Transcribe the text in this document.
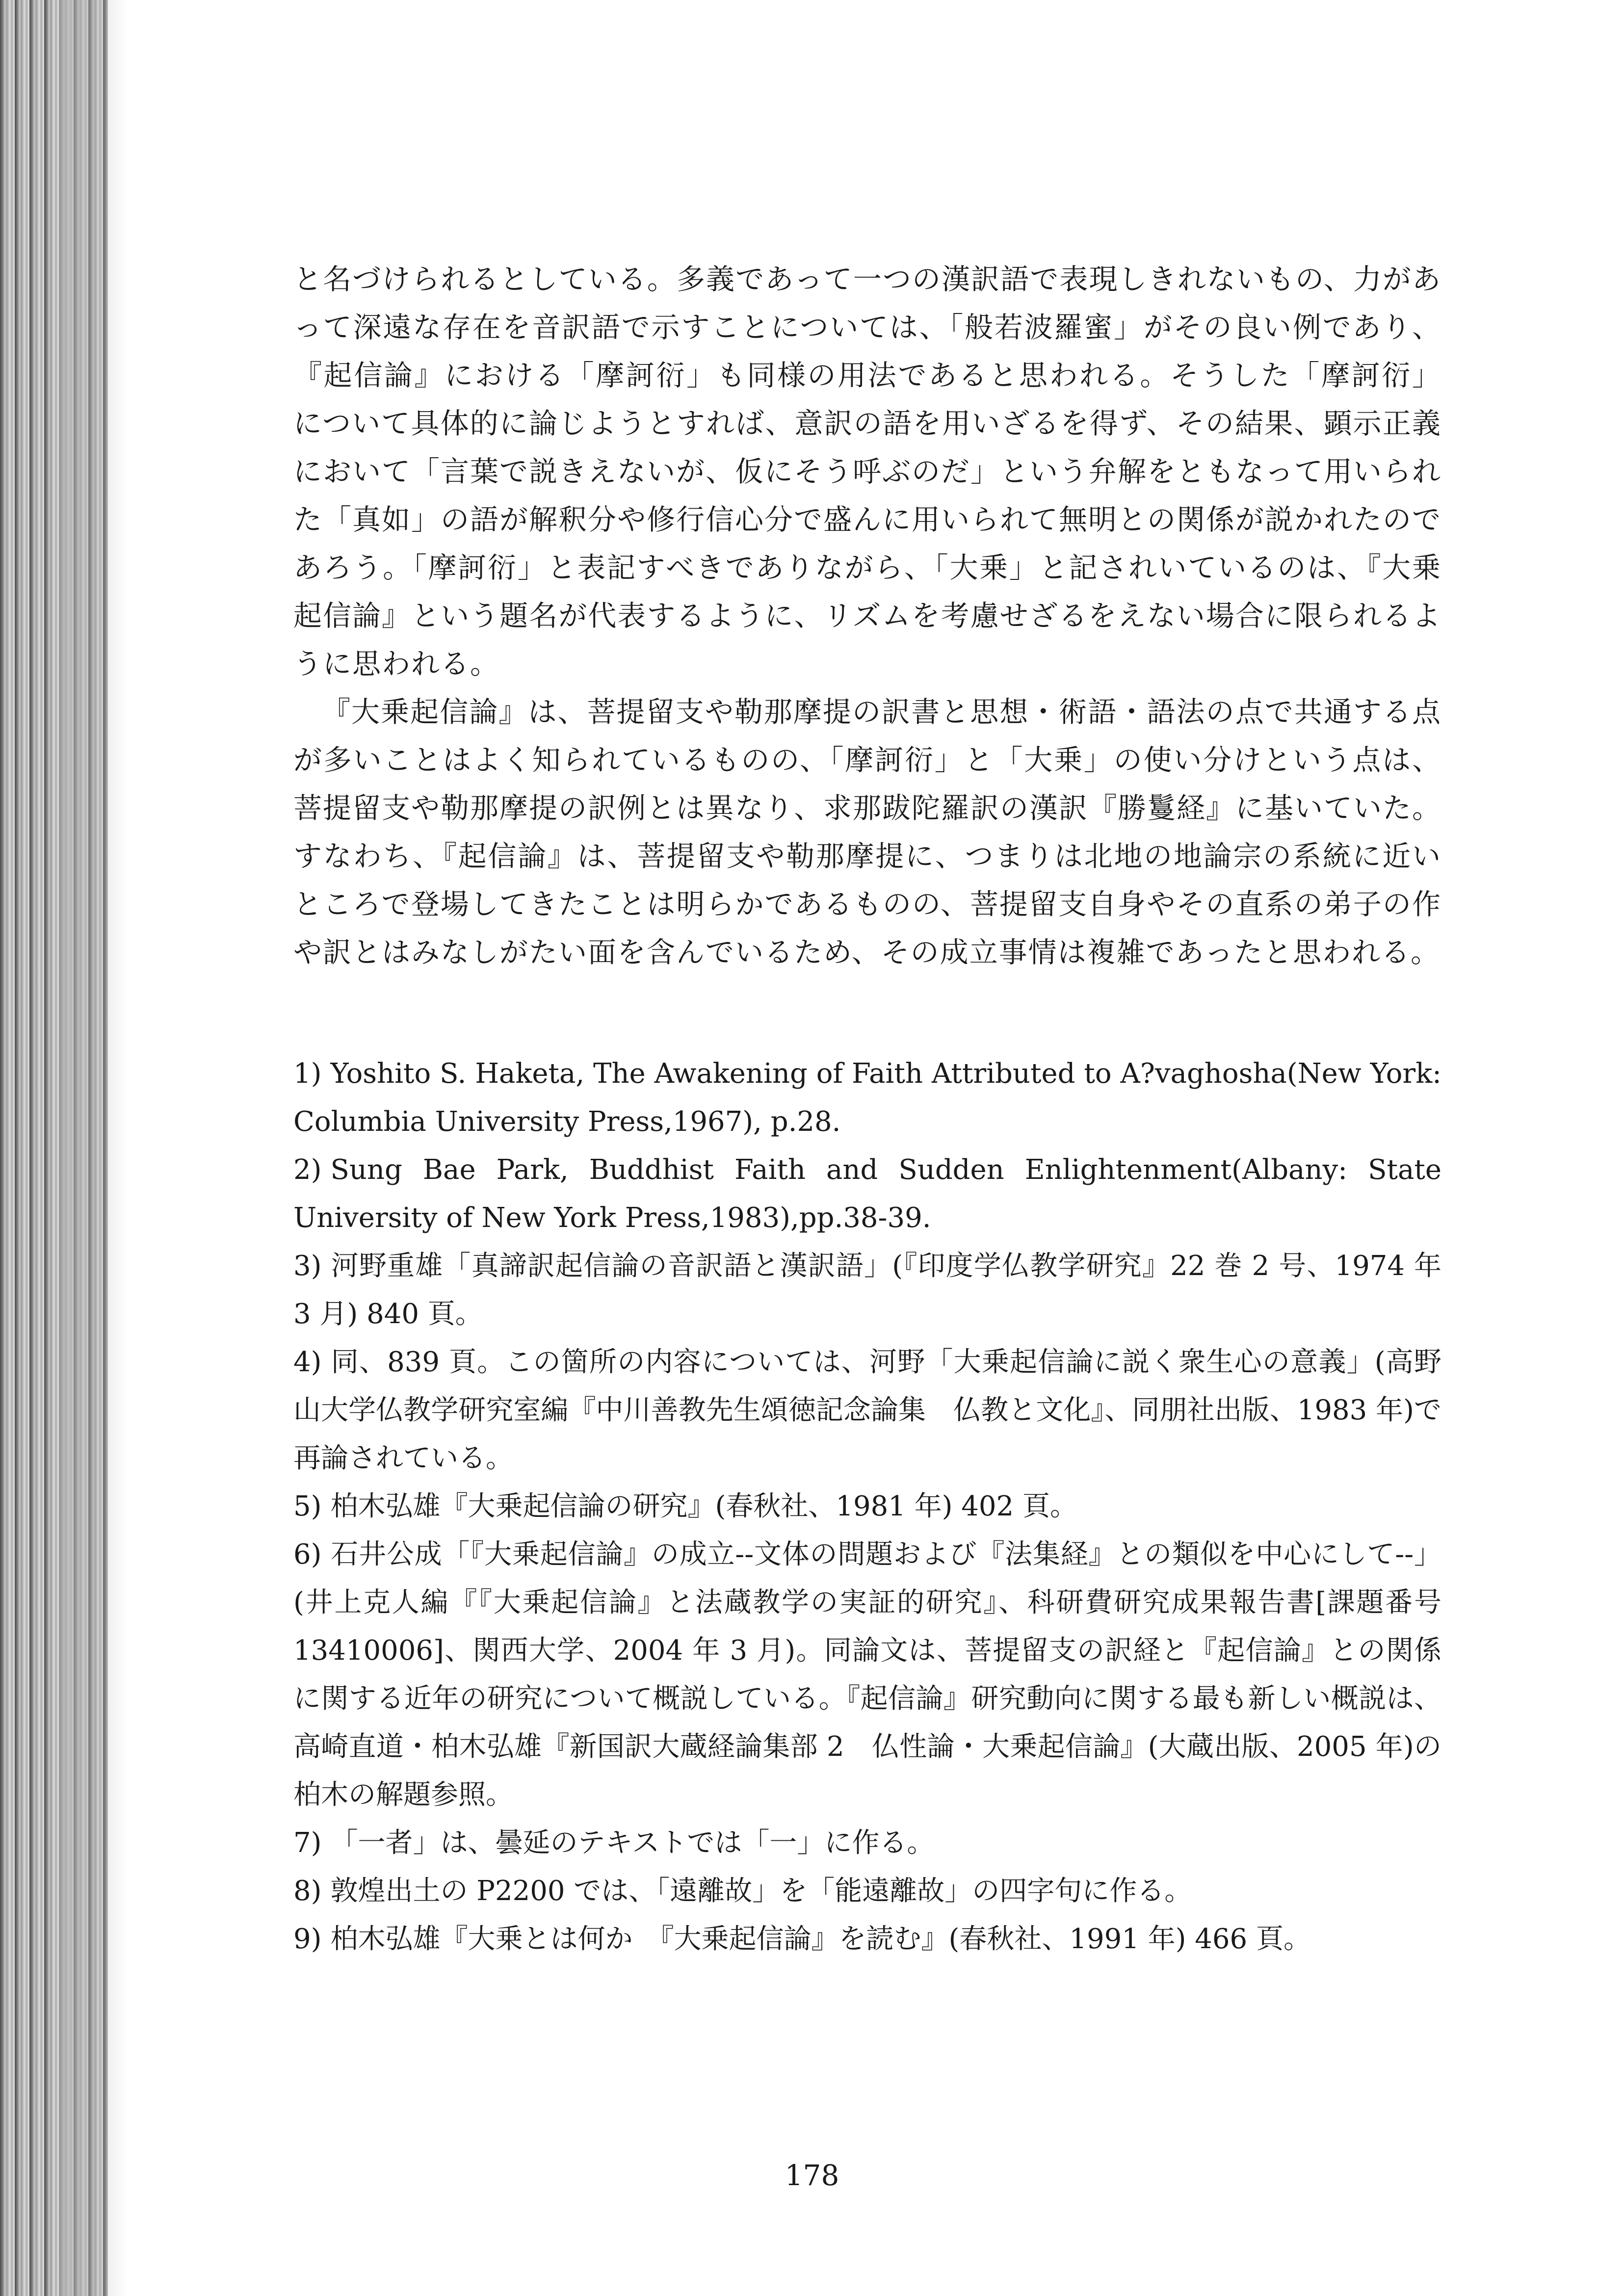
と名づけられるとしている。多義であって一つの漢訳語で表現しきれないもの、力があって深遠な存在を音訳語で示すことについては、「般若波羅蜜」がその良い例であり、『起信論』における「摩訶衍」も同様の用法であると思われる。そうした「摩訶衍」について具体的に論じようとすれば、意訳の語を用いざるを得ず、その結果、顕示正義において「言葉で説きえないが、仮にそう呼ぶのだ」という弁解をともなって用いられた「真如」の語が解釈分や修行信心分で盛んに用いられて無明との関係が説かれたのであろう。「摩訶衍」と表記すべきでありながら、「大乗」と記されいているのは、『大乗起信論』という題名が代表するように、リズムを考慮せざるをえない場合に限られるように思われる。

『大乗起信論』は、菩提留支や勒那摩提の訳書と思想・術語・語法の点で共通する点が多いことはよく知られているものの、「摩訶衍」と「大乗」の使い分けという点は、菩提留支や勒那摩提の訳例とは異なり、求那跋陀羅訳の漢訳『勝鬘経』に基いていた。すなわち、『起信論』は、菩提留支や勒那摩提に、つまりは北地の地論宗の系統に近いところで登場してきたことは明らかであるものの、菩提留支自身やその直系の弟子の作や訳とはみなしがたい面を含んでいるため、その成立事情は複雑であったと思われる。

1) Yoshito S. Haketa, The Awakening of Faith Attributed to A?vaghosha(New York: Columbia University Press,1967), p.28.
2) Sung Bae Park, Buddhist Faith and Sudden Enlightenment(Albany: State University of New York Press,1983),pp.38-39.
3) 河野重雄「真諦訳起信論の音訳語と漢訳語」(『印度学仏教学研究』22 巻 2 号、1974 年 3 月) 840 頁。
4) 同、839 頁。この箇所の内容については、河野「大乗起信論に説く衆生心の意義」(高野山大学仏教学研究室編『中川善教先生頌徳記念論集　仏教と文化』、同朋社出版、1983 年)で再論されている。
5) 柏木弘雄『大乗起信論の研究』(春秋社、1981 年) 402 頁。
6) 石井公成「『大乗起信論』の成立--文体の問題および『法集経』との類似を中心にして--」(井上克人編『『大乗起信論』と法蔵教学の実証的研究』、科研費研究成果報告書[課題番号 13410006]、関西大学、2004 年 3 月)。同論文は、菩提留支の訳経と『起信論』との関係に関する近年の研究について概説している。『起信論』研究動向に関する最も新しい概説は、高崎直道・柏木弘雄『新国訳大蔵経論集部 2　仏性論・大乗起信論』(大蔵出版、2005 年)の柏木の解題参照。
7) 「一者」は、曇延のテキストでは「一」に作る。
8) 敦煌出土の P2200 では、「遠離故」を「能遠離故」の四字句に作る。
9) 柏木弘雄『大乗とは何か　『大乗起信論』を読む』(春秋社、1991 年) 466 頁。
178
